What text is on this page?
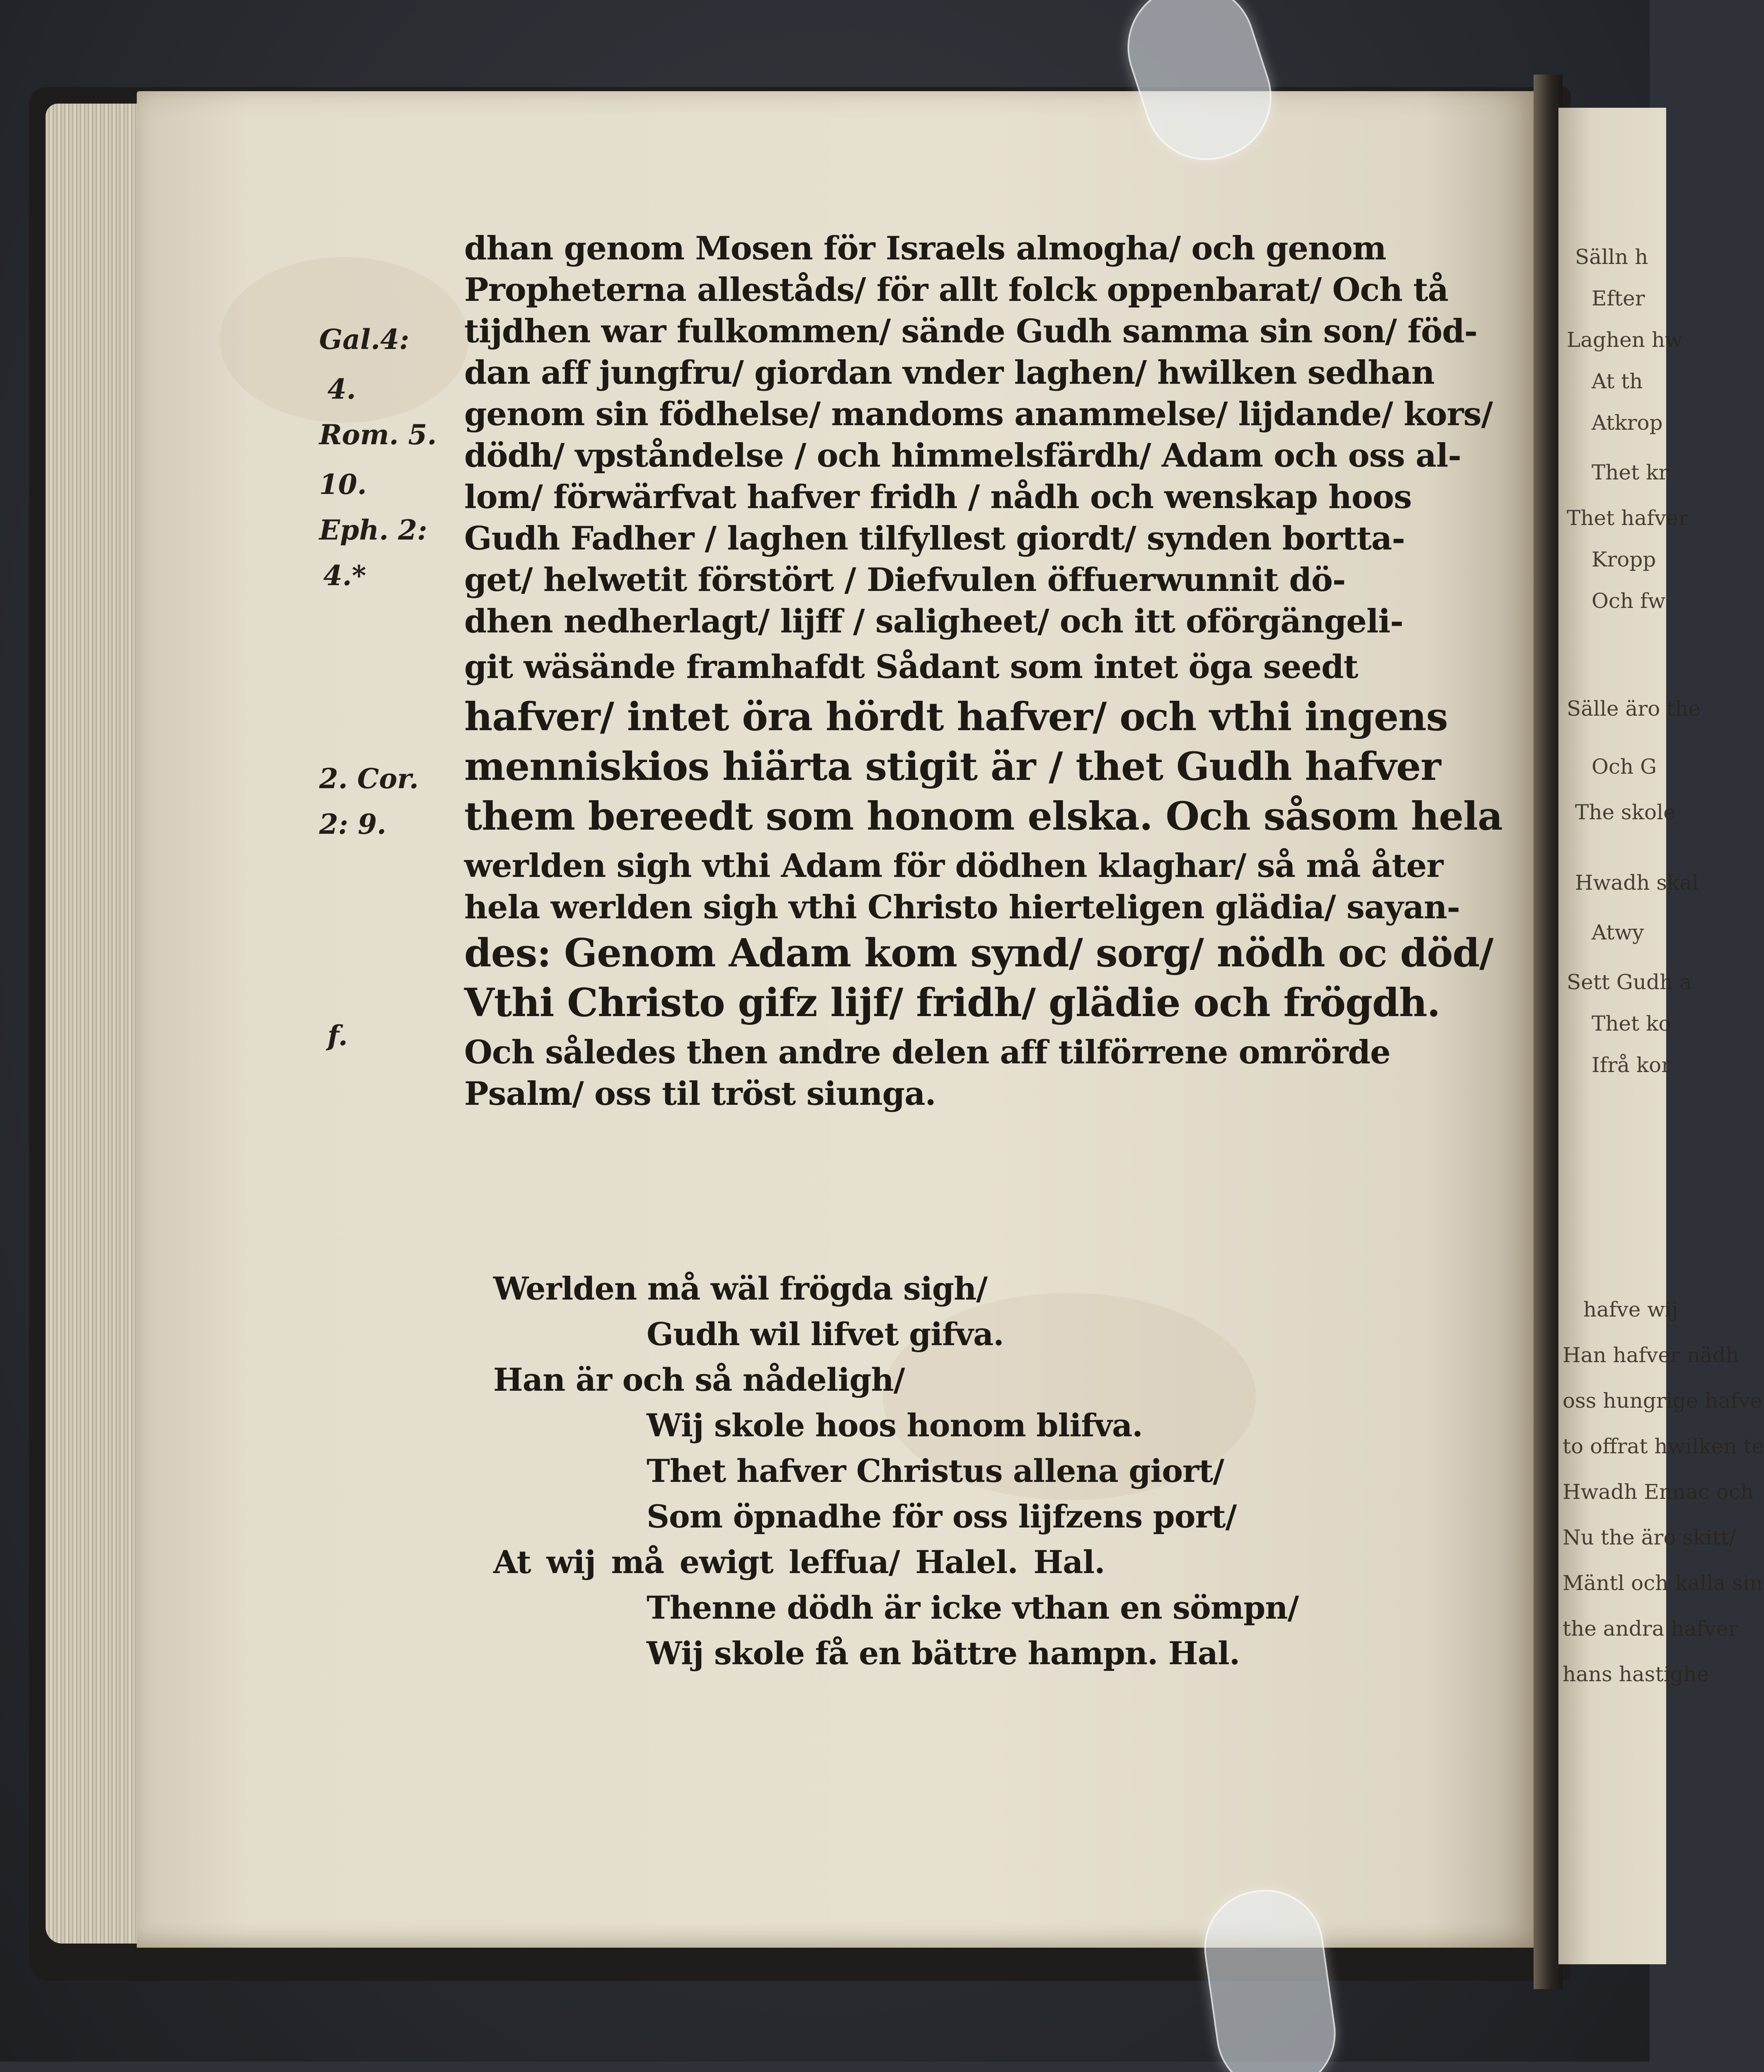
Gal.4:
4.
Rom. 5.
10.
Eph. 2:
4.*
2. Cor.
2: 9.
f.
dhan genom Mosen för Israels almogha/ och genom
Propheterna alleståds/ för allt folck oppenbarat/ Och tå
tijdhen war fulkommen/ sände Gudh samma sin son/ föd-
dan aff jungfru/ giordan vnder laghen/ hwilken sedhan
genom sin födhelse/ mandoms anammelse/ lijdande/ kors/
dödh/ vpståndelse / och himmelsfärdh/ Adam och oss al-
lom/ förwärfvat hafver fridh / nådh och wenskap hoos
Gudh Fadher / laghen tilfyllest giordt/ synden bortta-
get/ helwetit förstört / Diefvulen öffuerwunnit dö-
dhen nedherlagt/ lijff / saligheet/ och itt oförgängeli-
git wäsände framhafdt Sådant som intet öga seedt
hafver/ intet öra hördt hafver/ och vthi ingens
menniskios hiärta stigit är / thet Gudh hafver
them bereedt som honom elska. Och såsom hela
werlden sigh vthi Adam för dödhen klaghar/ så må åter
hela werlden sigh vthi Christo hierteligen glädia/ sayan-
des: Genom Adam kom synd/ sorg/ nödh oc död/
Vthi Christo gifz lijf/ fridh/ glädie och frögdh.
Och således then andre delen aff tilförrene omrörde
Psalm/ oss til tröst siunga.
Werlden må wäl frögda sigh/
Gudh wil lifvet gifva.
Han är och så nådeligh/
Wij skole hoos honom blifva.
Thet hafver Christus allena giort/
Som öpnadhe för oss lijfzens port/
At wij må ewigt leffua/ Halel. Hal.
Thenne dödh är icke vthan en sömpn/
Wij skole få en bättre hampn. Hal.
Sälln h
Efter
Laghen hw
At th
Atkrop
Thet kr
Thet hafver
Kropp
Och fw
Sälle äro the
Och G
The skole
Hwadh skal
Atwy
Sett Gudh a
Thet ko
Ifrå kor
hafve wij
Han hafver nädh
oss hungrige hafve
to offrat hwilken te
Hwadh Ennac och
Nu the äro skitt/
Mäntl och kalla sin
the andra hafver
hans hastighe
